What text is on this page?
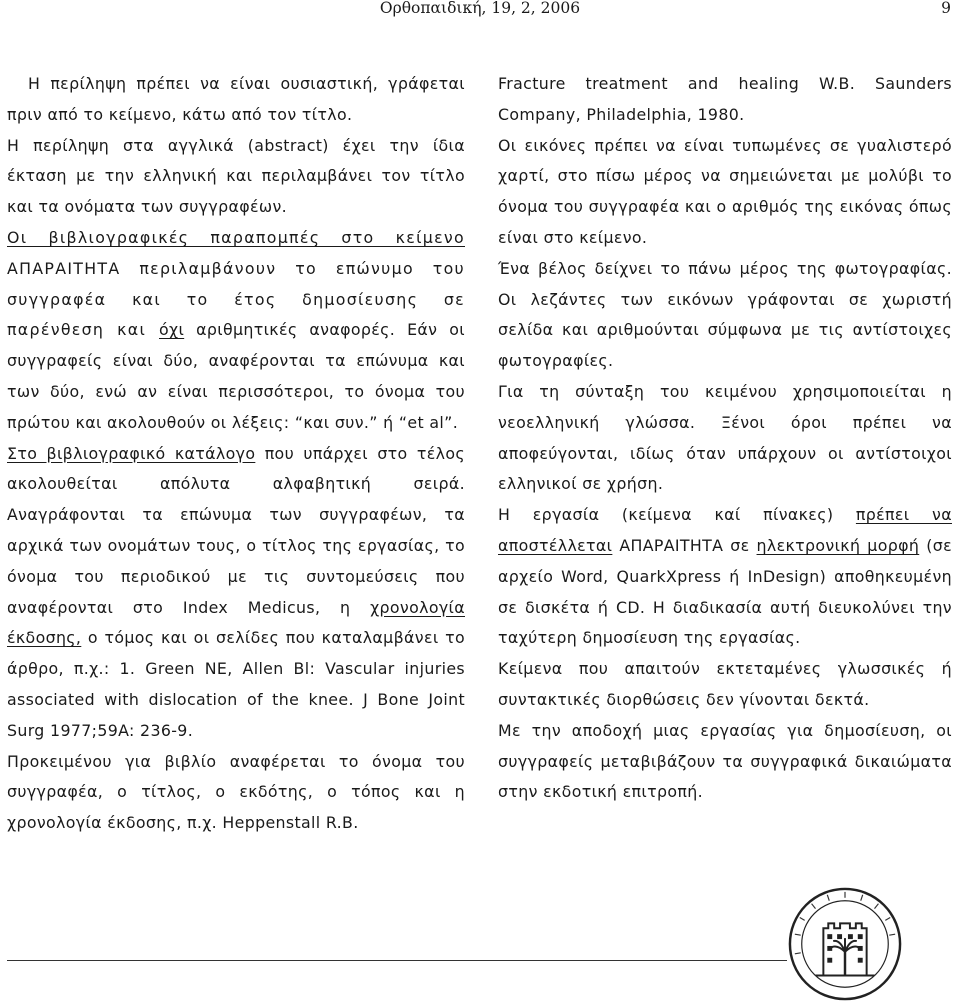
Ορθοπαιδική, 19, 2, 2006	9

Η περίληψη πρέπει να είναι ουσιαστική, γράφεται πριν από το κείμενο, κάτω από τον τίτλο.

Η περίληψη στα αγγλικά (abstract) έχει την ίδια έκταση με την ελληνική και περιλαμβάνει τον τίτλο και τα ονόματα των συγγραφέων.

Οι βιβλιογραφικές παραπομπές στο κείμενο ΑΠΑΡΑΙΤΗΤΑ περιλαμβάνουν το επώνυμο του συγγραφέα και το έτος δημοσίευσης σε παρένθεση και όχι αριθμητικές αναφορές. Εάν οι συγγραφείς είναι δύο, αναφέρονται τα επώνυμα και των δύο, ενώ αν είναι περισσότεροι, το όνομα του πρώτου και ακολουθούν οι λέξεις: “και συν.” ή “et al”.

Στο βιβλιογραφικό κατάλογο που υπάρχει στο τέλος ακολουθείται απόλυτα αλφαβητική σειρά. Αναγράφονται τα επώνυμα των συγγραφέων, τα αρχικά των ονομάτων τους, ο τίτλος της εργασίας, το όνομα του περιοδικού με τις συντομεύσεις που αναφέρονται στο Index Medicus, η χρονολογία έκδοσης, ο τόμος και οι σελίδες που καταλαμβάνει το άρθρο, π.χ.: 1. Green NE, Allen Bl: Vascular injuries associated with dislocation of the knee. J Bone Joint Surg 1977;59A: 236-9.

Προκειμένου για βιβλίο αναφέρεται το όνομα του συγγραφέα, ο τίτλος, ο εκδότης, ο τόπος και η χρονολογία έκδοσης, π.χ. Heppenstall R.B.

Fracture treatment and healing W.B. Saunders Company, Philadelphia, 1980.

Οι εικόνες πρέπει να είναι τυπωμένες σε γυαλιστερό χαρτί, στο πίσω μέρος να σημειώνεται με μολύβι το όνομα του συγγραφέα και ο αριθμός της εικόνας όπως είναι στο κείμενο.

Ένα βέλος δείχνει το πάνω μέρος της φωτογραφίας. Οι λεζάντες των εικόνων γράφονται σε χωριστή σελίδα και αριθμούνται σύμφωνα με τις αντίστοιχες φωτογραφίες.

Για τη σύνταξη του κειμένου χρησιμοποιείται η νεοελληνική γλώσσα. Ξένοι όροι πρέπει να αποφεύγονται, ιδίως όταν υπάρχουν οι αντίστοιχοι ελληνικοί σε χρήση.

Η εργασία (κείμενα καί πίνακες) πρέπει να αποστέλλεται ΑΠΑΡΑΙΤΗΤΑ σε ηλεκτρονική μορφή (σε αρχείο Word, QuarkXpress ή InDesign) αποθηκευμένη σε δισκέτα ή CD. Η διαδικασία αυτή διευκολύνει την ταχύτερη δημοσίευση της εργασίας.

Κείμενα που απαιτούν εκτεταμένες γλωσσικές ή συντακτικές διορθώσεις δεν γίνονται δεκτά.

Με την αποδοχή μιας εργασίας για δημοσίευση, οι συγγραφείς μεταβιβάζουν τα συγγραφικά δικαιώματα στην εκδοτική επιτροπή.
